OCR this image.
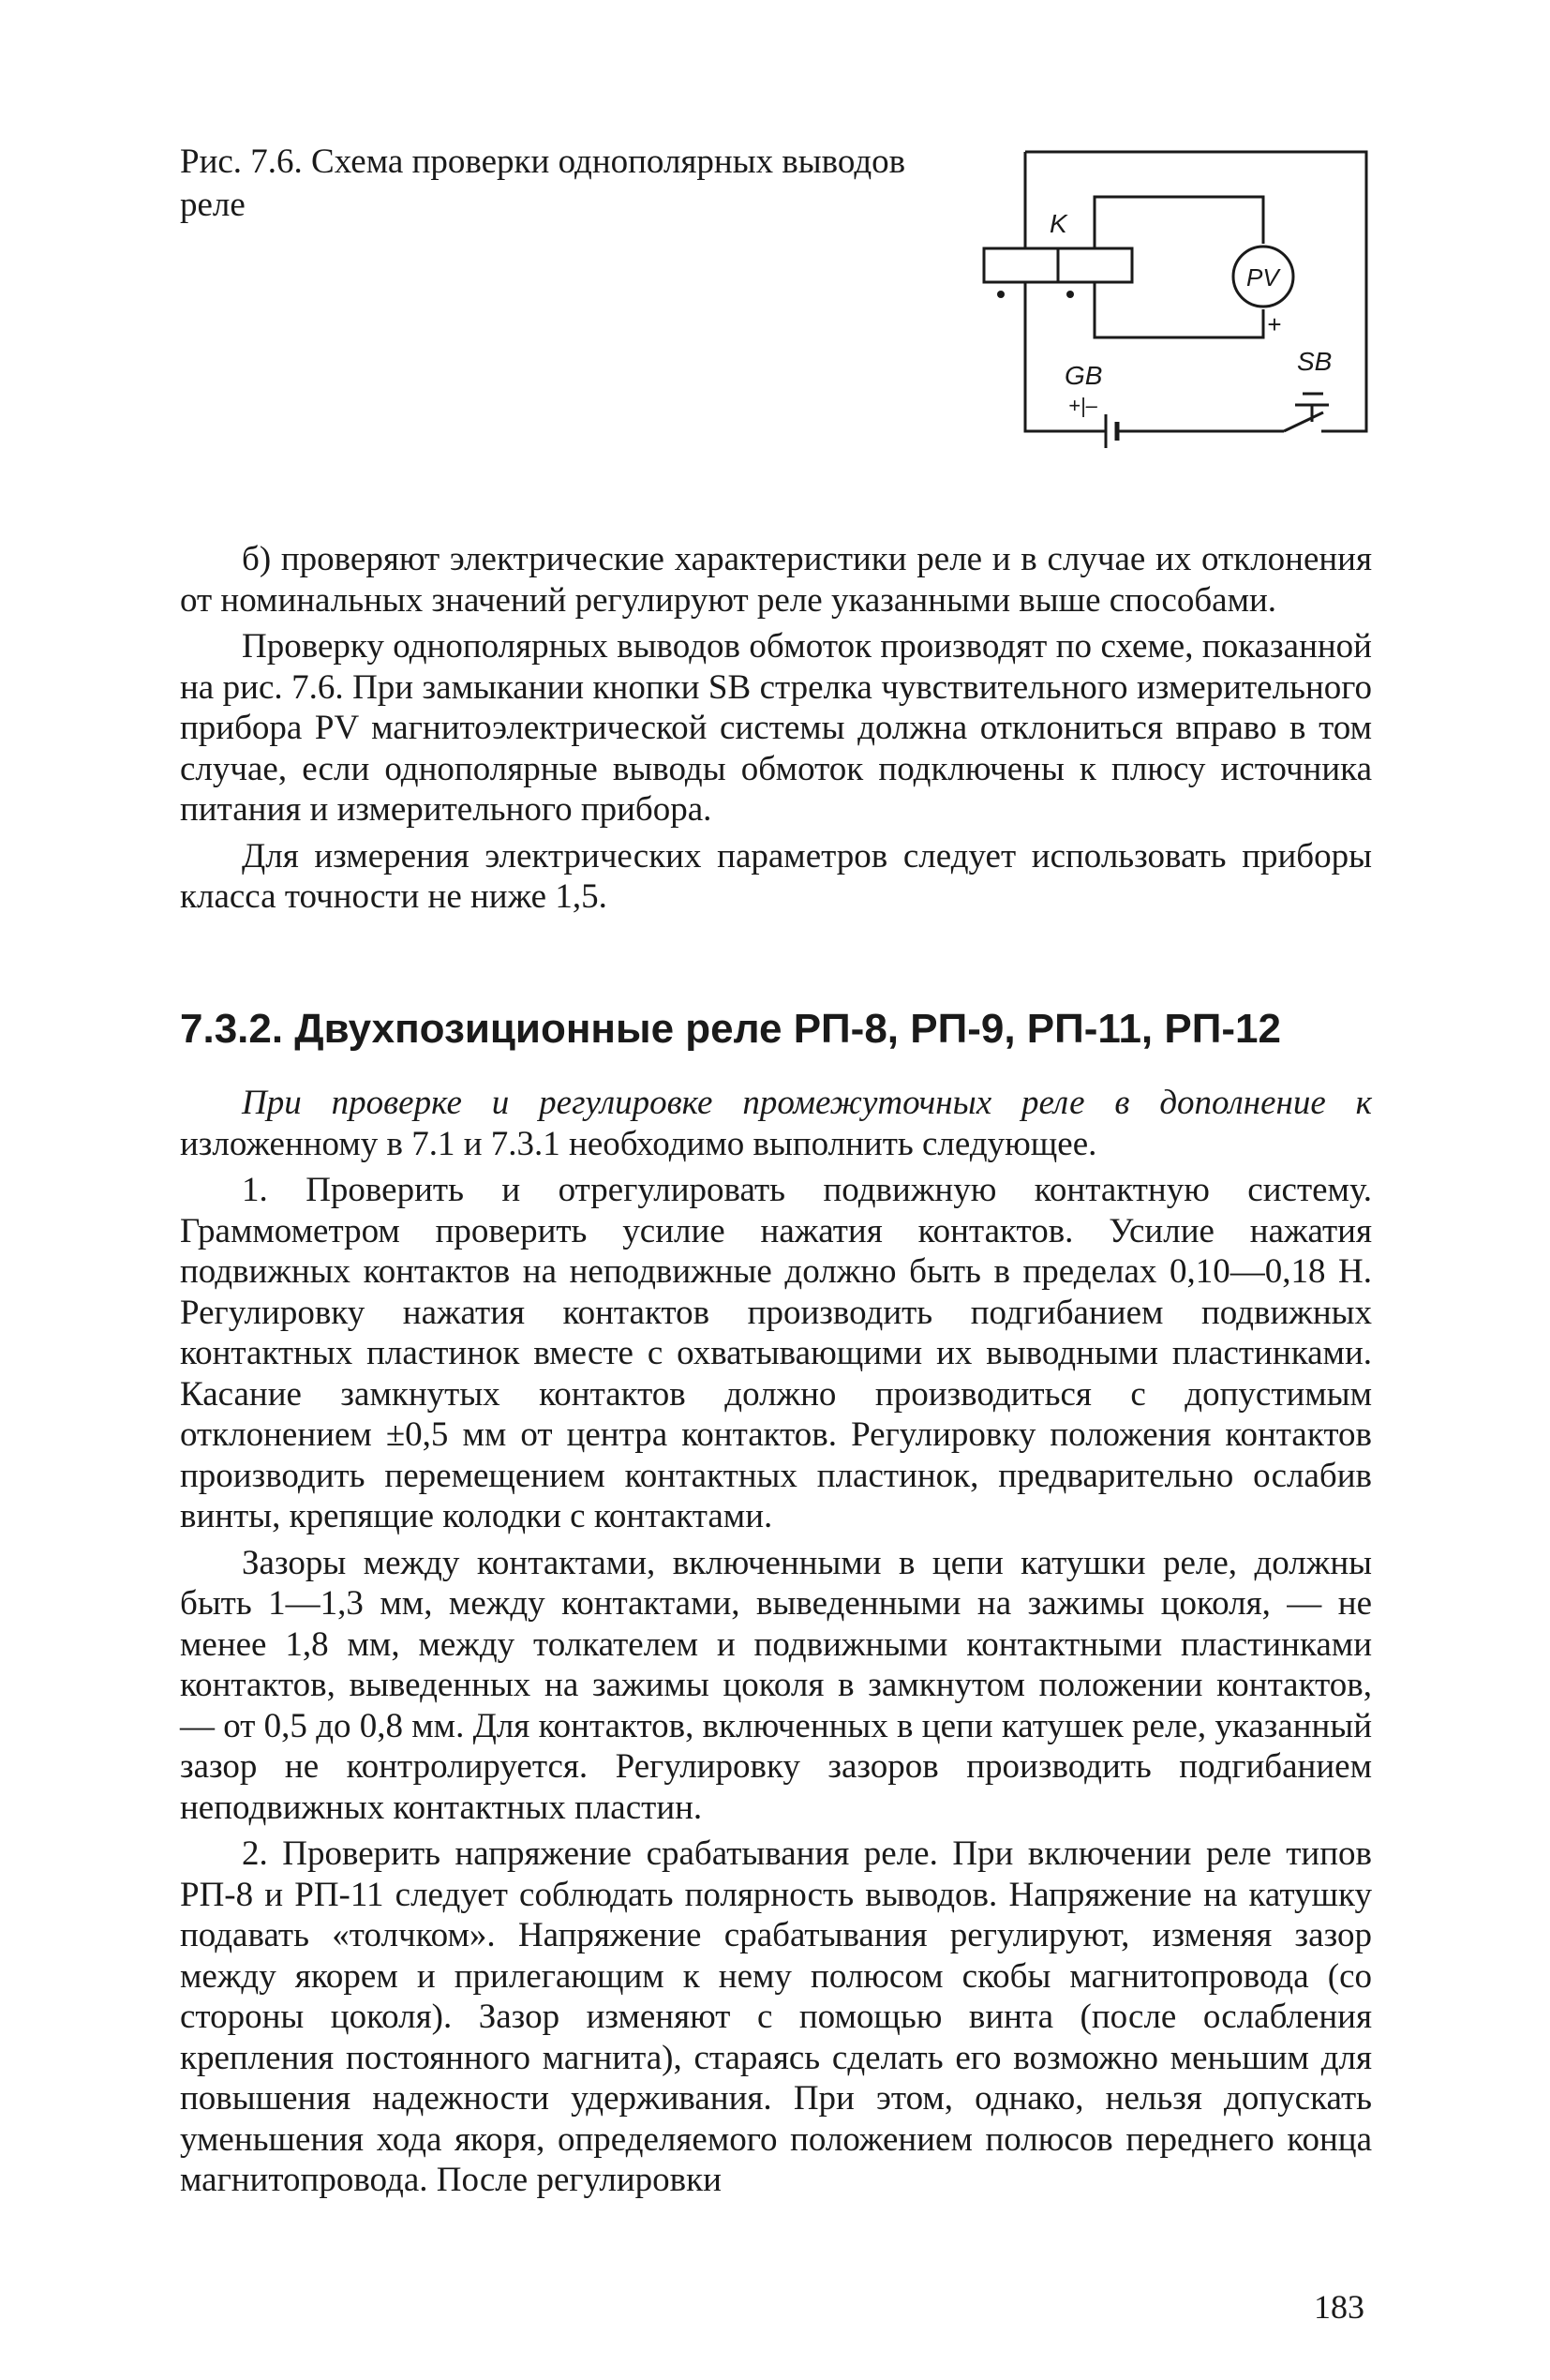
Рис. 7.6. Схема проверки однополярных выводов реле	K
PV
+
GB
+|–
SB

б) проверяют электрические характеристики реле и в случае их отклонения от номинальных значений регулируют реле указанными выше способами.

Проверку однополярных выводов обмоток производят по схеме, показанной на рис. 7.6. При замыкании кнопки SB стрелка чувствительного измерительного прибора PV магнитоэлектрической системы должна отклониться вправо в том случае, если однополярные выводы обмоток подключены к плюсу источника питания и измерительного прибора.

Для измерения электрических параметров следует использовать приборы класса точности не ниже 1,5.

7.3.2. Двухпозиционные реле РП-8, РП-9, РП-11, РП-12

При проверке и регулировке промежуточных реле в дополнение к изложенному в 7.1 и 7.3.1 необходимо выполнить следующее.

1. Проверить и отрегулировать подвижную контактную систему. Граммометром проверить усилие нажатия контактов. Усилие нажатия подвижных контактов на неподвижные должно быть в пределах 0,10—0,18 Н. Регулировку нажатия контактов производить подгибанием подвижных контактных пластинок вместе с охватывающими их выводными пластинками. Касание замкнутых контактов должно производиться с допустимым отклонением ±0,5 мм от центра контактов. Регулировку положения контактов производить перемещением контактных пластинок, предварительно ослабив винты, крепящие колодки с контактами.

Зазоры между контактами, включенными в цепи катушки реле, должны быть 1—1,3 мм, между контактами, выведенными на зажимы цоколя, — не менее 1,8 мм, между толкателем и подвижными контактными пластинками контактов, выведенных на зажимы цоколя в замкнутом положении контактов, — от 0,5 до 0,8 мм. Для контактов, включенных в цепи катушек реле, указанный зазор не контролируется. Регулировку зазоров производить подгибанием неподвижных контактных пластин.

2. Проверить напряжение срабатывания реле. При включении реле типов РП-8 и РП-11 следует соблюдать полярность выводов. Напряжение на катушку подавать «толчком». Напряжение срабатывания регулируют, изменяя зазор между якорем и прилегающим к нему полюсом скобы магнитопровода (со стороны цоколя). Зазор изменяют с помощью винта (после ослабления крепления постоянного магнита), стараясь сделать его возможно меньшим для повышения надежности удерживания. При этом, однако, нельзя допускать уменьшения хода якоря, определяемого положением полюсов переднего конца магнитопровода. После регулировки

183
